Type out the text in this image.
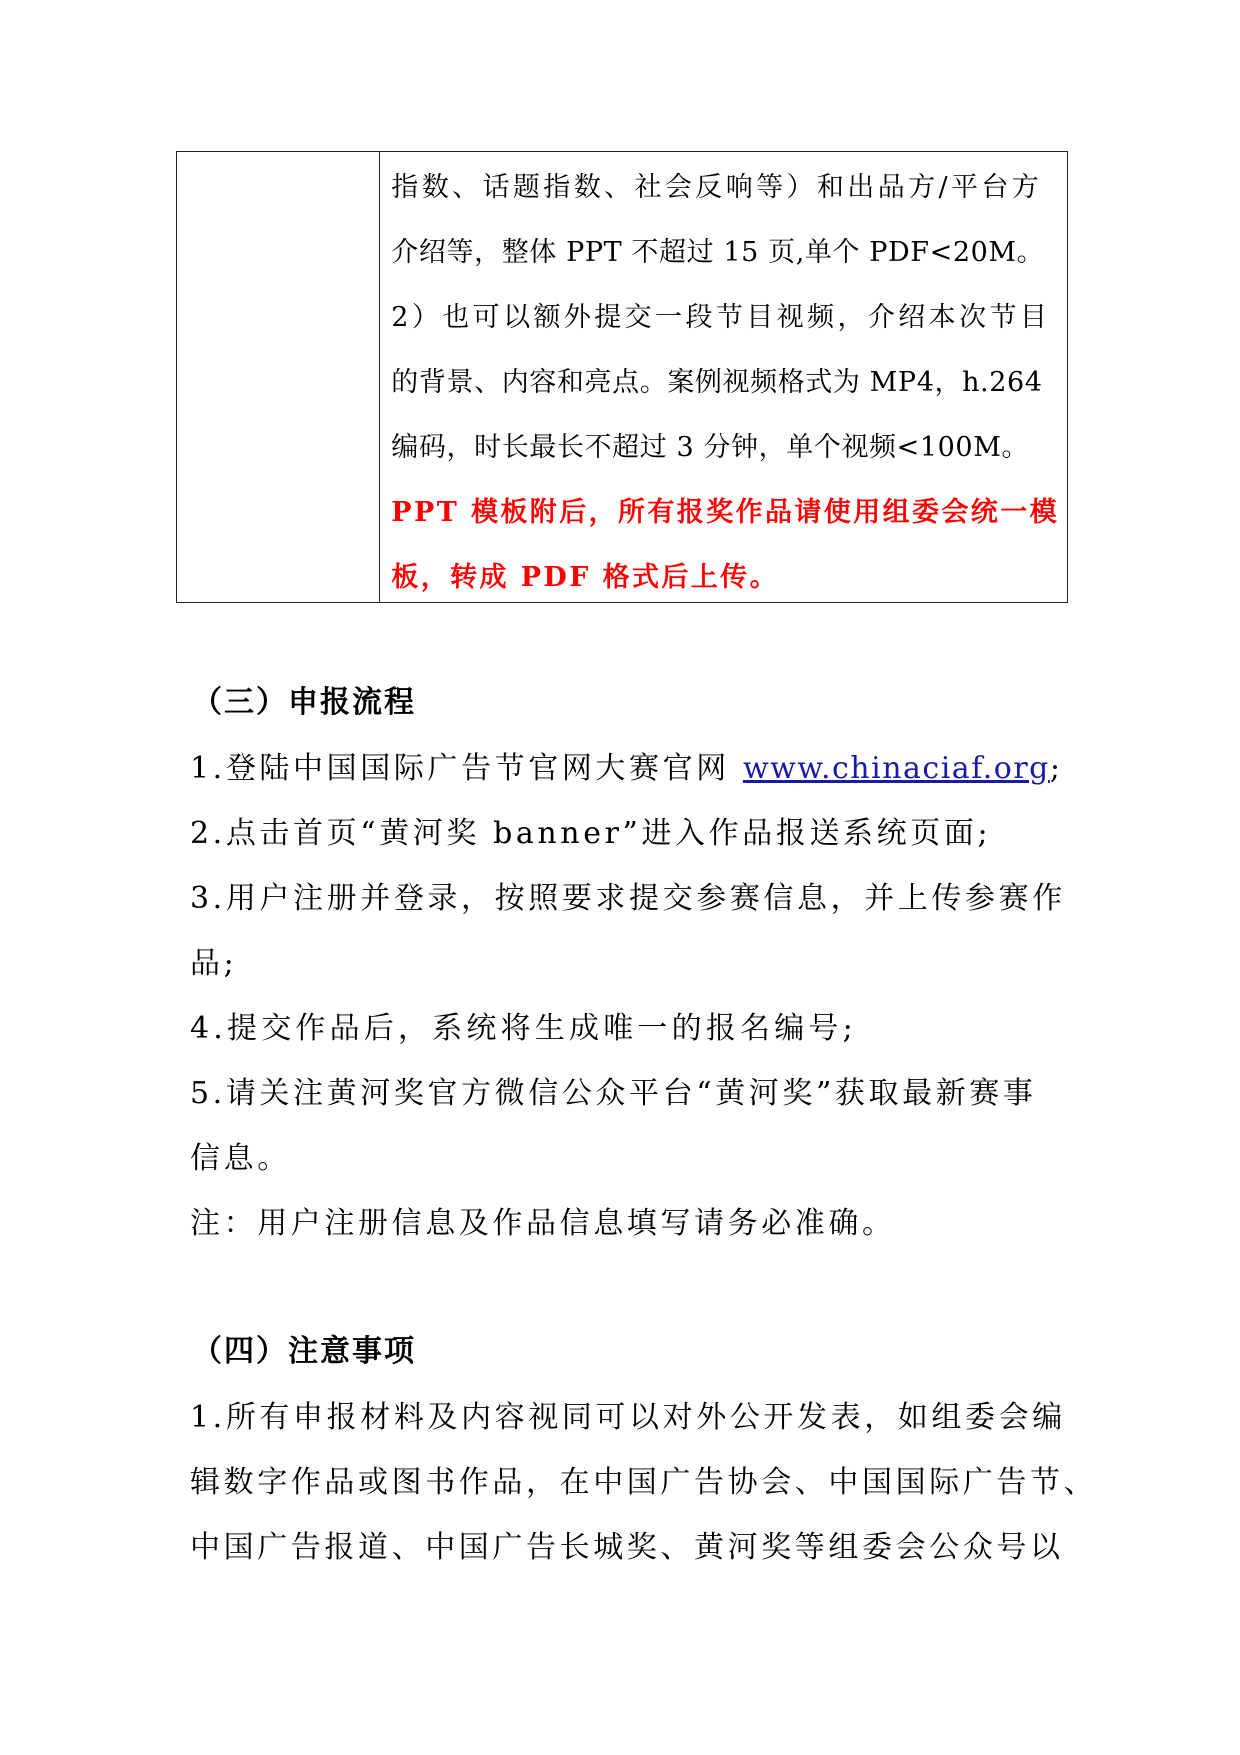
指数、话题指数、社会反响等）和出品方/平台方
介绍等，整体 PPT 不超过 15 页,单个 PDF<20M。
2）也可以额外提交一段节目视频，介绍本次节目
的背景、内容和亮点。案例视频格式为 MP4，h.264
编码，时长最长不超过 3 分钟，单个视频<100M。
PPT 模板附后，所有报奖作品请使用组委会统一模
板，转成 PDF 格式后上传。
（三）申报流程
1.登陆中国国际广告节官网大赛官网 www.chinaciaf.org;
2.点击首页“黄河奖 banner”进入作品报送系统页面;
3.用户注册并登录，按照要求提交参赛信息，并上传参赛作
品;
4.提交作品后，系统将生成唯一的报名编号;
5.请关注黄河奖官方微信公众平台“黄河奖”获取最新赛事
信息。
注：用户注册信息及作品信息填写请务必准确。
（四）注意事项
1.所有申报材料及内容视同可以对外公开发表，如组委会编
辑数字作品或图书作品，在中国广告协会、中国国际广告节、
中国广告报道、中国广告长城奖、黄河奖等组委会公众号以
